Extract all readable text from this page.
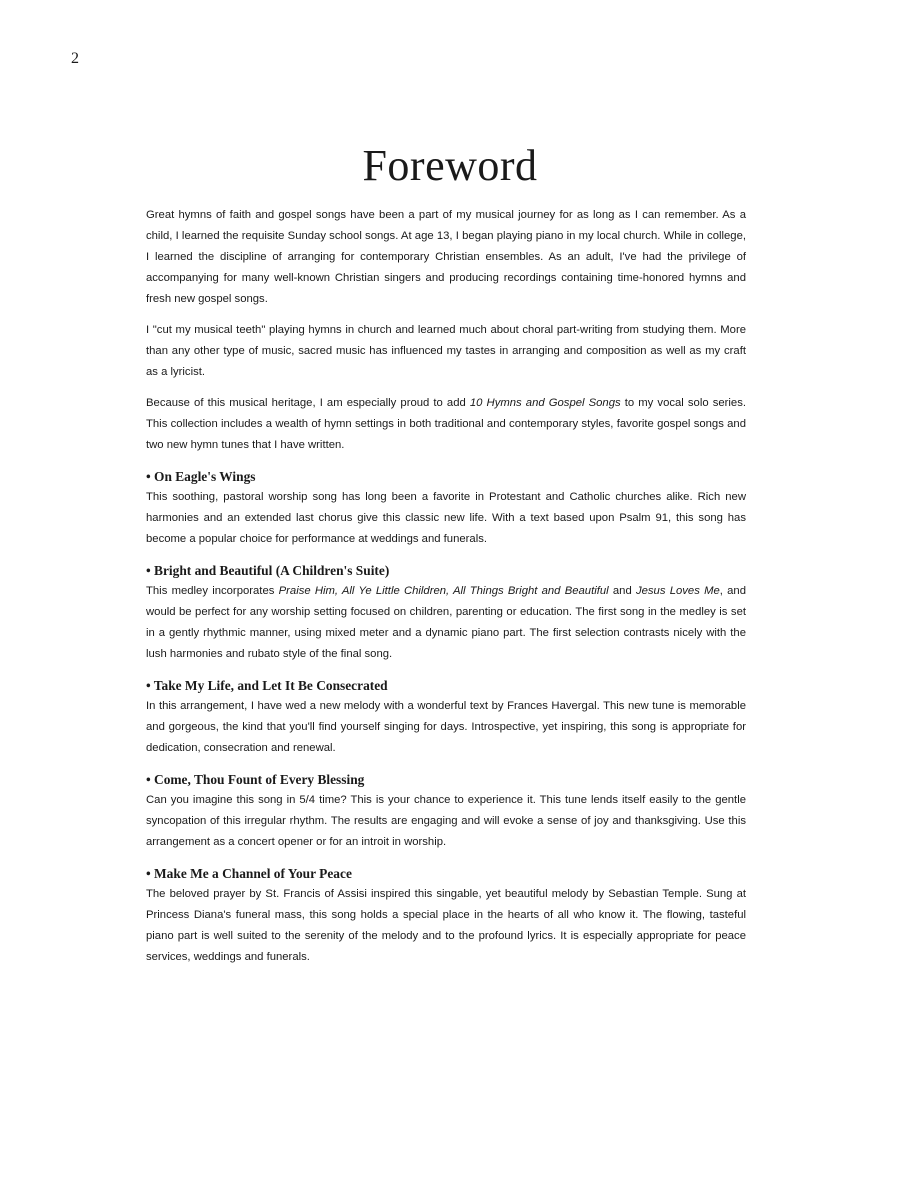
2
Foreword

Great hymns of faith and gospel songs have been a part of my musical journey for as long as I can remember. As a child, I learned the requisite Sunday school songs. At age 13, I began playing piano in my local church. While in college, I learned the discipline of arranging for contemporary Christian ensembles. As an adult, I've had the privilege of accompanying for many well-known Christian singers and producing recordings containing time-honored hymns and fresh new gospel songs.

I "cut my musical teeth" playing hymns in church and learned much about choral part-writing from studying them. More than any other type of music, sacred music has influenced my tastes in arranging and composition as well as my craft as a lyricist.

Because of this musical heritage, I am especially proud to add 10 Hymns and Gospel Songs to my vocal solo series. This collection includes a wealth of hymn settings in both traditional and contemporary styles, favorite gospel songs and two new hymn tunes that I have written.

• On Eagle's Wings

This soothing, pastoral worship song has long been a favorite in Protestant and Catholic churches alike. Rich new harmonies and an extended last chorus give this classic new life. With a text based upon Psalm 91, this song has become a popular choice for performance at weddings and funerals.

• Bright and Beautiful (A Children's Suite)

This medley incorporates Praise Him, All Ye Little Children, All Things Bright and Beautiful and Jesus Loves Me, and would be perfect for any worship setting focused on children, parenting or education. The first song in the medley is set in a gently rhythmic manner, using mixed meter and a dynamic piano part. The first selection contrasts nicely with the lush harmonies and rubato style of the final song.

• Take My Life, and Let It Be Consecrated

In this arrangement, I have wed a new melody with a wonderful text by Frances Havergal. This new tune is memorable and gorgeous, the kind that you'll find yourself singing for days. Introspective, yet inspiring, this song is appropriate for dedication, consecration and renewal.

• Come, Thou Fount of Every Blessing

Can you imagine this song in 5/4 time? This is your chance to experience it. This tune lends itself easily to the gentle syncopation of this irregular rhythm. The results are engaging and will evoke a sense of joy and thanksgiving. Use this arrangement as a concert opener or for an introit in worship.

• Make Me a Channel of Your Peace

The beloved prayer by St. Francis of Assisi inspired this singable, yet beautiful melody by Sebastian Temple. Sung at Princess Diana's funeral mass, this song holds a special place in the hearts of all who know it. The flowing, tasteful piano part is well suited to the serenity of the melody and to the profound lyrics. It is especially appropriate for peace services, weddings and funerals.
